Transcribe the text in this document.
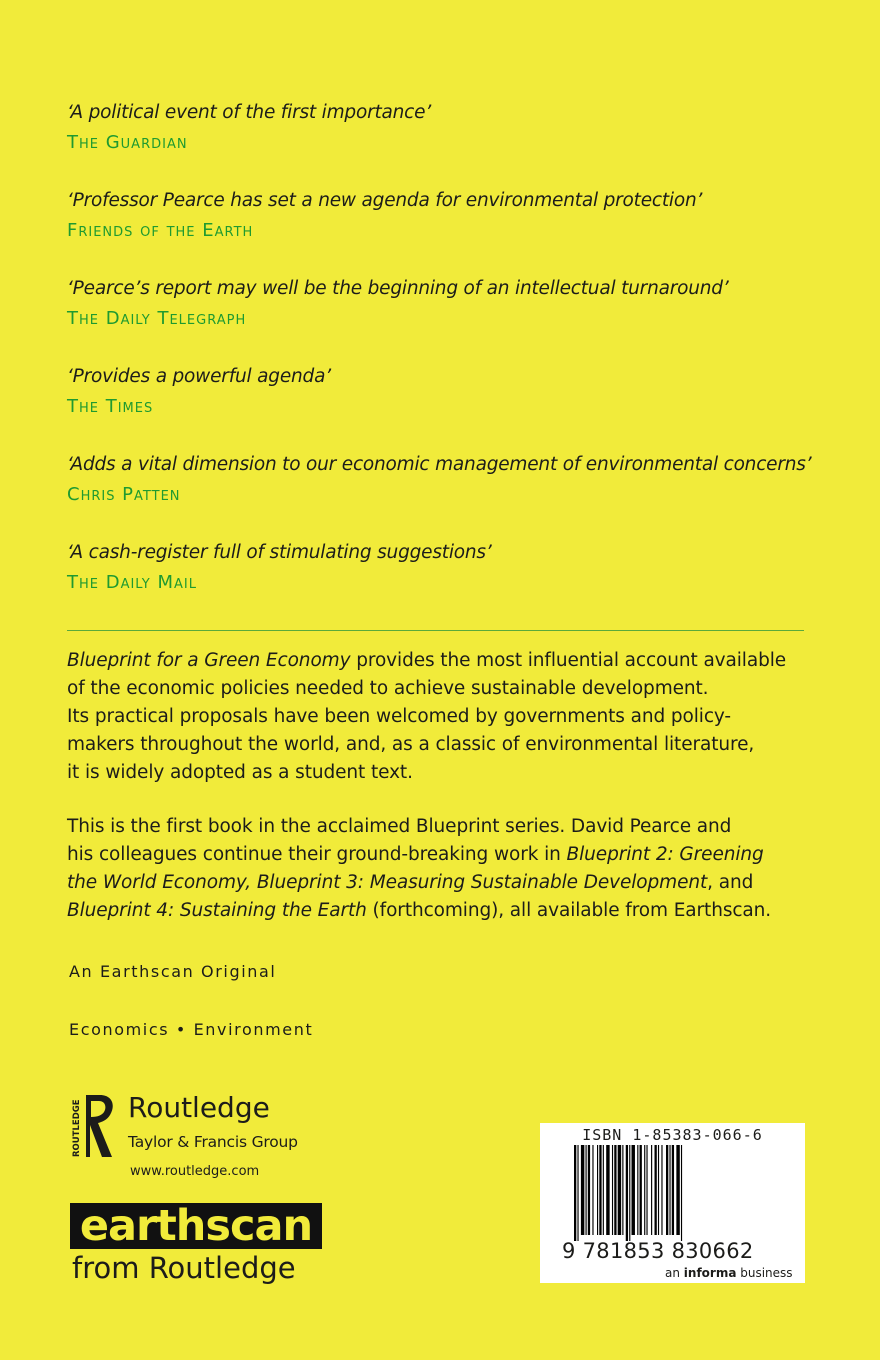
‘A political event of the first importance’
The Guardian
‘Professor Pearce has set a new agenda for environmental protection’
Friends of the Earth
‘Pearce’s report may well be the beginning of an intellectual turnaround’
The Daily Telegraph
‘Provides a powerful agenda’
The Times
‘Adds a vital dimension to our economic management of environmental concerns’
Chris Patten
‘A cash-register full of stimulating suggestions’
The Daily Mail

Blueprint for a Green Economy provides the most influential account available

of the economic policies needed to achieve sustainable development.

Its practical proposals have been welcomed by governments and policy-

makers throughout the world, and, as a classic of environmental literature,

it is widely adopted as a student text.

This is the first book in the acclaimed Blueprint series. David Pearce and

his colleagues continue their ground-breaking work in Blueprint 2: Greening

the World Economy, Blueprint 3: Measuring Sustainable Development, and

Blueprint 4: Sustaining the Earth (forthcoming), all available from Earthscan.

An Earthscan Original
Economics • Environment
ROUTLEDGE Routledge
Taylor & Francis Group
www.routledge.com
earthscan
from Routledge
ISBN 1-85383-066-6
9 781853 830662
an informa business
